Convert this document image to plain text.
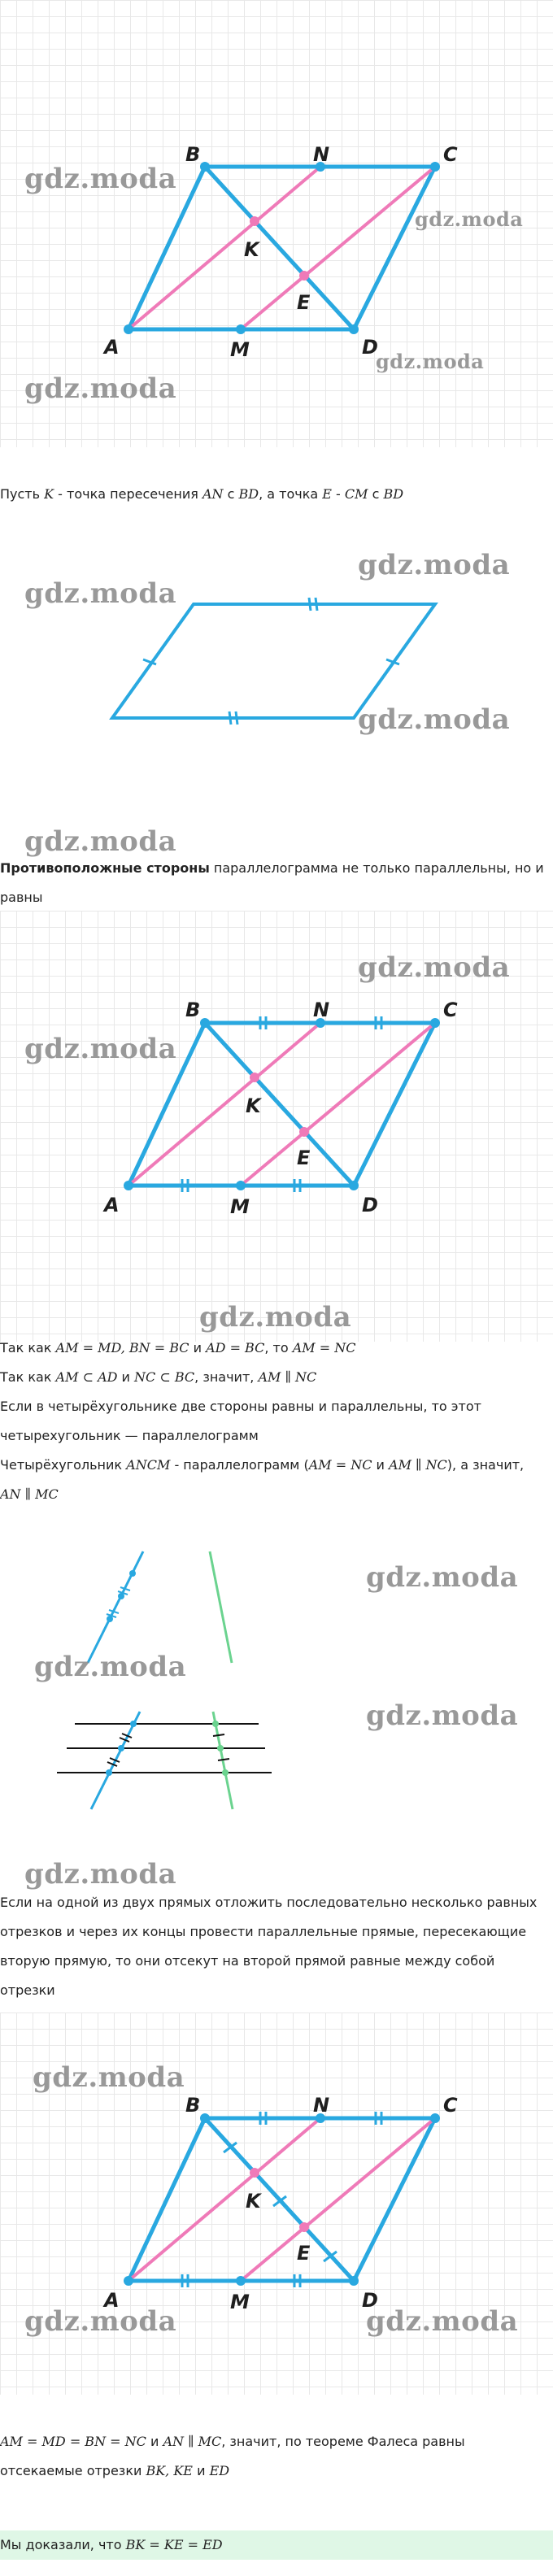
B	N	C
K
E
A	M	D
gdz.moda
gdz.moda
gdz.moda
gdz.moda

Пусть K - точка пересечения AN с BD, а точка E - CM с BD

gdz.moda
gdz.moda
gdz.moda
gdz.moda

Противоположные стороны параллелограмма не только параллельны, но и равны

B	N	C
K
E
A	M	D
gdz.moda
gdz.moda
gdz.moda

Так как AM = MD, BN = BC и AD = BC, то AM = NC

Так как AM ⊂ AD и NC ⊂ BC, значит, AM ∥ NC

Если в четырёхугольнике две стороны равны и параллельны, то этот четырехугольник — параллелограмм

Четырёхугольник ANCM - параллелограмм (AM = NC и AM ∥ NC), а значит, AN ∥ MC

gdz.moda
gdz.moda
gdz.moda
gdz.moda

Если на одной из двух прямых отложить последовательно несколько равных отрезков и через их концы провести параллельные прямые, пересекающие вторую прямую, то они отсекут на второй прямой равные между собой отрезки

B	N	C
K
E
A	M	D
gdz.moda
gdz.moda	gdz.moda

AM = MD = BN = NC и AN ∥ MC, значит, по теореме Фалеса равны отсекаемые отрезки BK, KE и ED

Мы доказали, что BK = KE = ED
